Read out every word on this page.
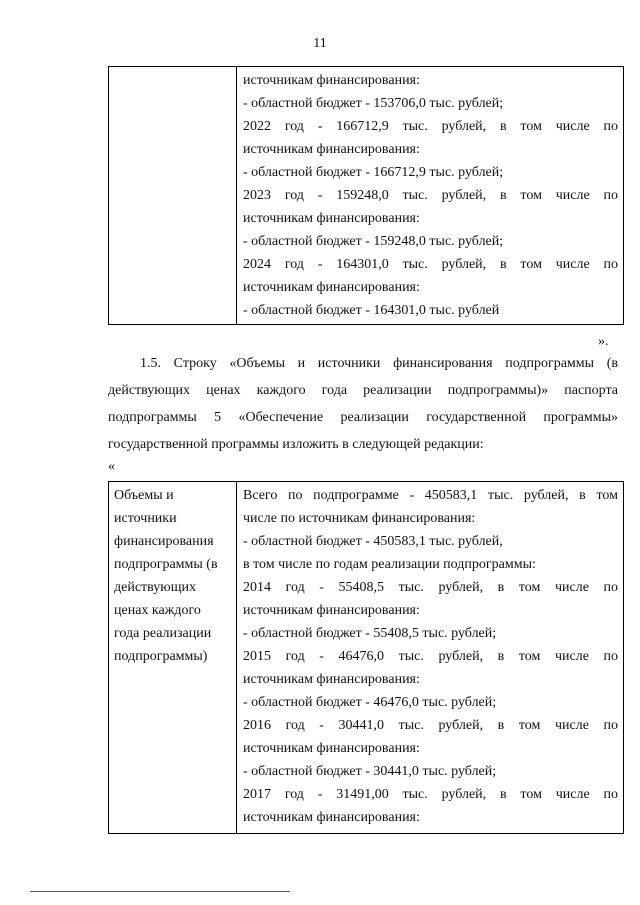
11

источникам финансирования:
- областной бюджет - 153706,0 тыс. рублей;
2022 год - 166712,9 тыс. рублей, в том числе по
источникам финансирования:
- областной бюджет - 166712,9 тыс. рублей;
2023 год - 159248,0 тыс. рублей, в том числе по
источникам финансирования:
- областной бюджет - 159248,0 тыс. рублей;
2024 год - 164301,0 тыс. рублей, в том числе по
источникам финансирования:
- областной бюджет - 164301,0 тыс. рублей
».
1.5. Строку «Объемы и источники финансирования подпрограммы (в
действующих ценах каждого года реализации подпрограммы)» паспорта
подпрограммы 5 «Обеспечение реализации государственной программы»
государственной программы изложить в следующей редакции:
«
Объемы и
источники
финансирования
подпрограммы (в
действующих
ценах каждого
года реализации
подпрограммы)

Всего по подпрограмме - 450583,1 тыс. рублей, в том
числе по источникам финансирования:
- областной бюджет - 450583,1 тыс. рублей,
в том числе по годам реализации подпрограммы:
2014 год - 55408,5 тыс. рублей, в том числе по
источникам финансирования:
- областной бюджет - 55408,5 тыс. рублей;
2015 год - 46476,0 тыс. рублей, в том числе по
источникам финансирования:
- областной бюджет - 46476,0 тыс. рублей;
2016 год - 30441,0 тыс. рублей, в том числе по
источникам финансирования:
- областной бюджет - 30441,0 тыс. рублей;
2017 год - 31491,00 тыс. рублей, в том числе по
источникам финансирования:
